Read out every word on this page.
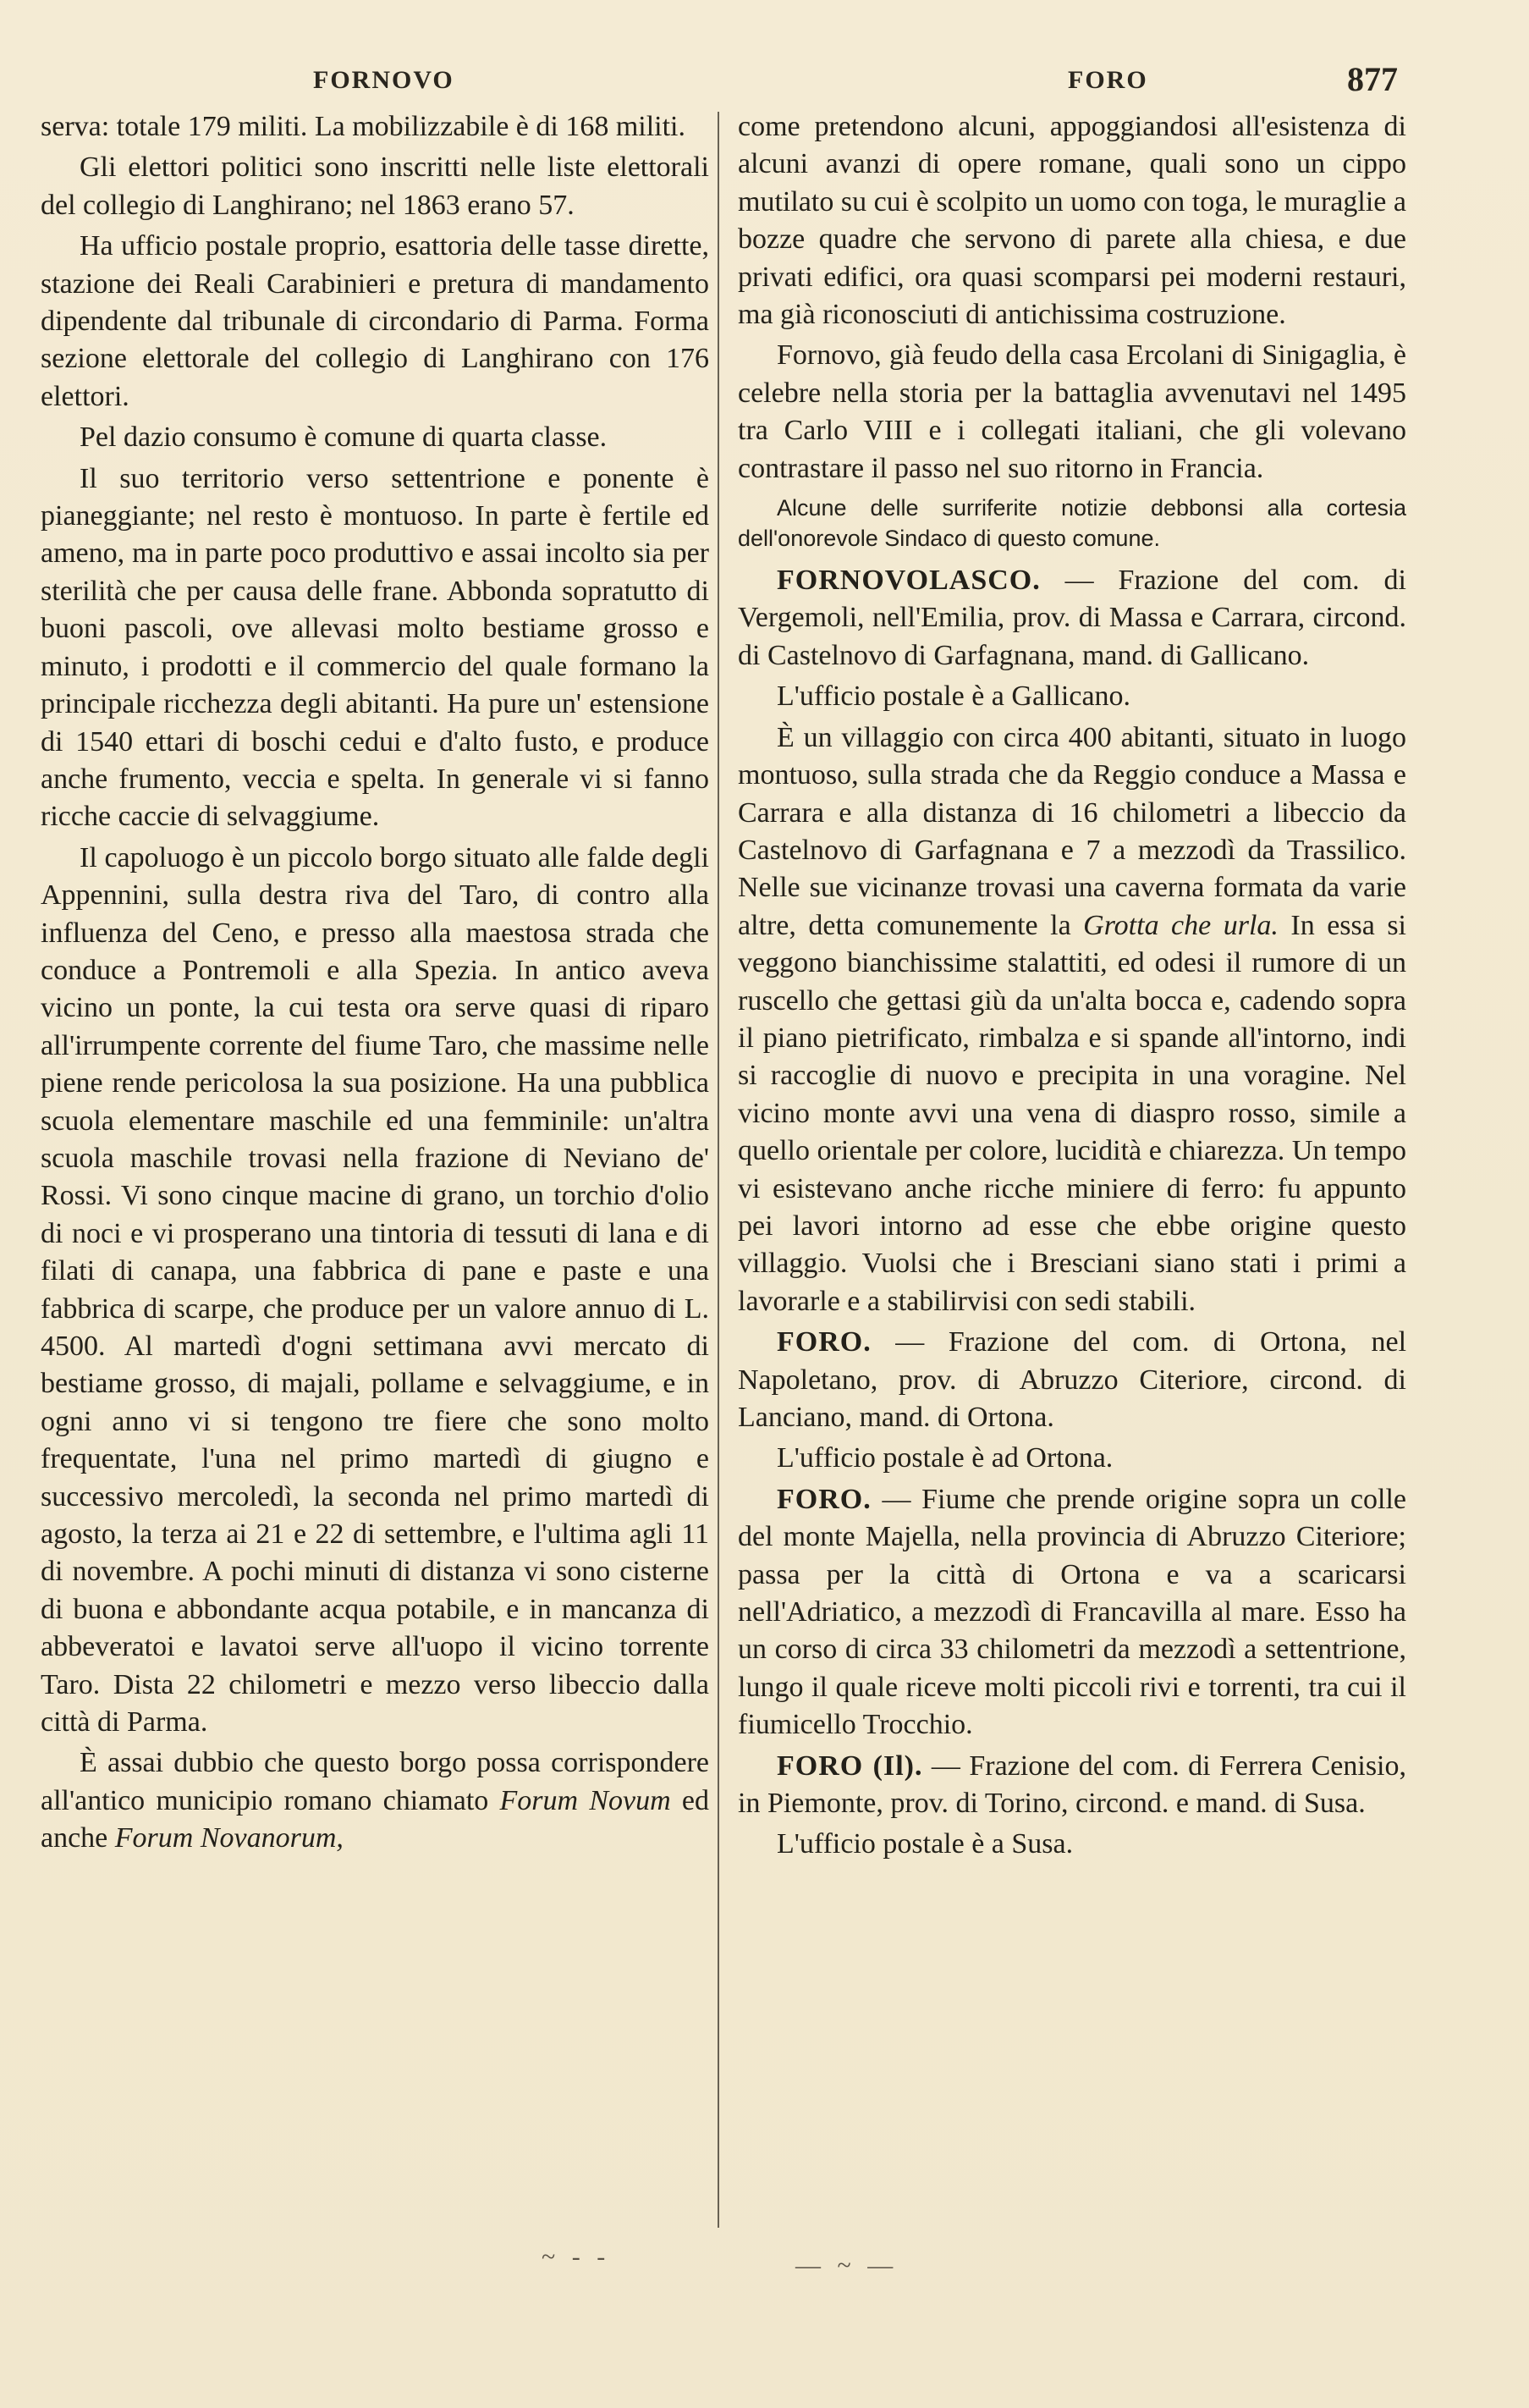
FORNOVO	FORO	877

serva: totale 179 militi. La mobilizzabile è di 168 militi.

Gli elettori politici sono inscritti nelle liste elettorali del collegio di Langhirano; nel 1863 erano 57.

Ha ufficio postale proprio, esattoria delle tasse dirette, stazione dei Reali Carabinieri e pretura di mandamento dipendente dal tribunale di circondario di Parma. Forma sezione elettorale del collegio di Langhirano con 176 elettori.

Pel dazio consumo è comune di quarta classe.

Il suo territorio verso settentrione e ponente è pianeggiante; nel resto è montuoso. In parte è fertile ed ameno, ma in parte poco produttivo e assai incolto sia per sterilità che per causa delle frane. Abbonda sopratutto di buoni pascoli, ove allevasi molto bestiame grosso e minuto, i prodotti e il commercio del quale formano la principale ricchezza degli abitanti. Ha pure un' estensione di 1540 ettari di boschi cedui e d'alto fusto, e produce anche frumento, veccia e spelta. In generale vi si fanno ricche caccie di selvaggiume.

Il capoluogo è un piccolo borgo situato alle falde degli Appennini, sulla destra riva del Taro, di contro alla influenza del Ceno, e presso alla maestosa strada che conduce a Pontremoli e alla Spezia. In antico aveva vicino un ponte, la cui testa ora serve quasi di riparo all'irrumpente corrente del fiume Taro, che massime nelle piene rende pericolosa la sua posizione. Ha una pubblica scuola elementare maschile ed una femminile: un'altra scuola maschile trovasi nella frazione di Neviano de' Rossi. Vi sono cinque macine di grano, un torchio d'olio di noci e vi prosperano una tintoria di tessuti di lana e di filati di canapa, una fabbrica di pane e paste e una fabbrica di scarpe, che produce per un valore annuo di L. 4500. Al martedì d'ogni settimana avvi mercato di bestiame grosso, di majali, pollame e selvaggiume, e in ogni anno vi si tengono tre fiere che sono molto frequentate, l'una nel primo martedì di giugno e successivo mercoledì, la seconda nel primo martedì di agosto, la terza ai 21 e 22 di settembre, e l'ultima agli 11 di novembre. A pochi minuti di distanza vi sono cisterne di buona e abbondante acqua potabile, e in mancanza di abbeveratoi e lavatoi serve all'uopo il vicino torrente Taro. Dista 22 chilometri e mezzo verso libeccio dalla città di Parma.

È assai dubbio che questo borgo possa corrispondere all'antico municipio romano chiamato Forum Novum ed anche Forum Novanorum,

come pretendono alcuni, appoggiandosi all'esistenza di alcuni avanzi di opere romane, quali sono un cippo mutilato su cui è scolpito un uomo con toga, le muraglie a bozze quadre che servono di parete alla chiesa, e due privati edifici, ora quasi scomparsi pei moderni restauri, ma già riconosciuti di antichissima costruzione.

Fornovo, già feudo della casa Ercolani di Sinigaglia, è celebre nella storia per la battaglia avvenutavi nel 1495 tra Carlo VIII e i collegati italiani, che gli volevano contrastare il passo nel suo ritorno in Francia.

Alcune delle surriferite notizie debbonsi alla cortesia dell'onorevole Sindaco di questo comune.

FORNOVOLASCO. — Frazione del com. di Vergemoli, nell'Emilia, prov. di Massa e Carrara, circond. di Castelnovo di Garfagnana, mand. di Gallicano.

L'ufficio postale è a Gallicano.

È un villaggio con circa 400 abitanti, situato in luogo montuoso, sulla strada che da Reggio conduce a Massa e Carrara e alla distanza di 16 chilometri a libeccio da Castelnovo di Garfagnana e 7 a mezzodì da Trassilico. Nelle sue vicinanze trovasi una caverna formata da varie altre, detta comunemente la Grotta che urla. In essa si veggono bianchissime stalattiti, ed odesi il rumore di un ruscello che gettasi giù da un'alta bocca e, cadendo sopra il piano pietrificato, rimbalza e si spande all'intorno, indi si raccoglie di nuovo e precipita in una voragine. Nel vicino monte avvi una vena di diaspro rosso, simile a quello orientale per colore, lucidità e chiarezza. Un tempo vi esistevano anche ricche miniere di ferro: fu appunto pei lavori intorno ad esse che ebbe origine questo villaggio. Vuolsi che i Bresciani siano stati i primi a lavorarle e a stabilirvisi con sedi stabili.

FORO. — Frazione del com. di Ortona, nel Napoletano, prov. di Abruzzo Citeriore, circond. di Lanciano, mand. di Ortona.

L'ufficio postale è ad Ortona.

FORO. — Fiume che prende origine sopra un colle del monte Majella, nella provincia di Abruzzo Citeriore; passa per la città di Ortona e va a scaricarsi nell'Adriatico, a mezzodì di Francavilla al mare. Esso ha un corso di circa 33 chilometri da mezzodì a settentrione, lungo il quale riceve molti piccoli rivi e torrenti, tra cui il fiumicello Trocchio.

FORO (Il). — Frazione del com. di Ferrera Cenisio, in Piemonte, prov. di Torino, circond. e mand. di Susa.

L'ufficio postale è a Susa.

~ - -	— ~ —
